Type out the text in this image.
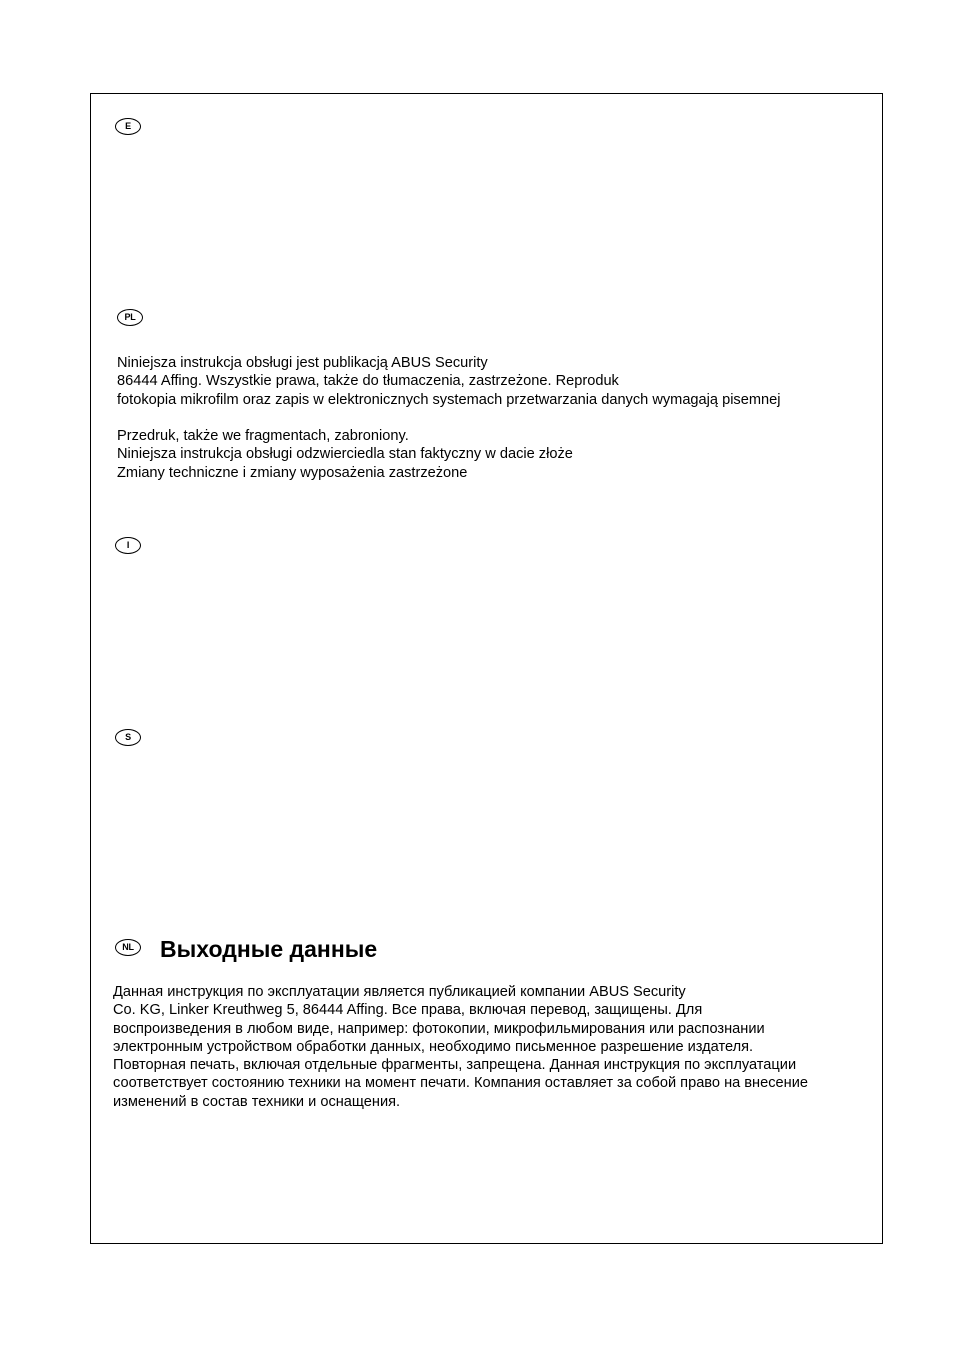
E
PL
Niniejsza instrukcja obsługi jest publikacją ABUS Security
86444 Affing. Wszystkie prawa, także do tłumaczenia, zastrzeżone. Reproduk
fotokopia mikrofilm oraz zapis w elektronicznych systemach przetwarzania danych wymagają pisemnej
Przedruk, także we fragmentach, zabroniony.
Niniejsza instrukcja obsługi odzwierciedla stan faktyczny w dacie złoże
Zmiany techniczne i zmiany wyposażenia zastrzeżone
I
S
NL	Выходные данные
Данная инструкция по эксплуатации является публикацией компании ABUS Security
Co. KG, Linker Kreuthweg 5, 86444 Affing. Все права, включая перевод, защищены. Для
воспроизведения в любом виде, например: фотокопии, микрофильмирования или распознании
электронным устройством обработки данных, необходимо письменное разрешение издателя.
Повторная печать, включая отдельные фрагменты, запрещена. Данная инструкция по эксплуатации
соответствует состоянию техники на момент печати. Компания оставляет за собой право на внесение
изменений в состав техники и оснащения.
